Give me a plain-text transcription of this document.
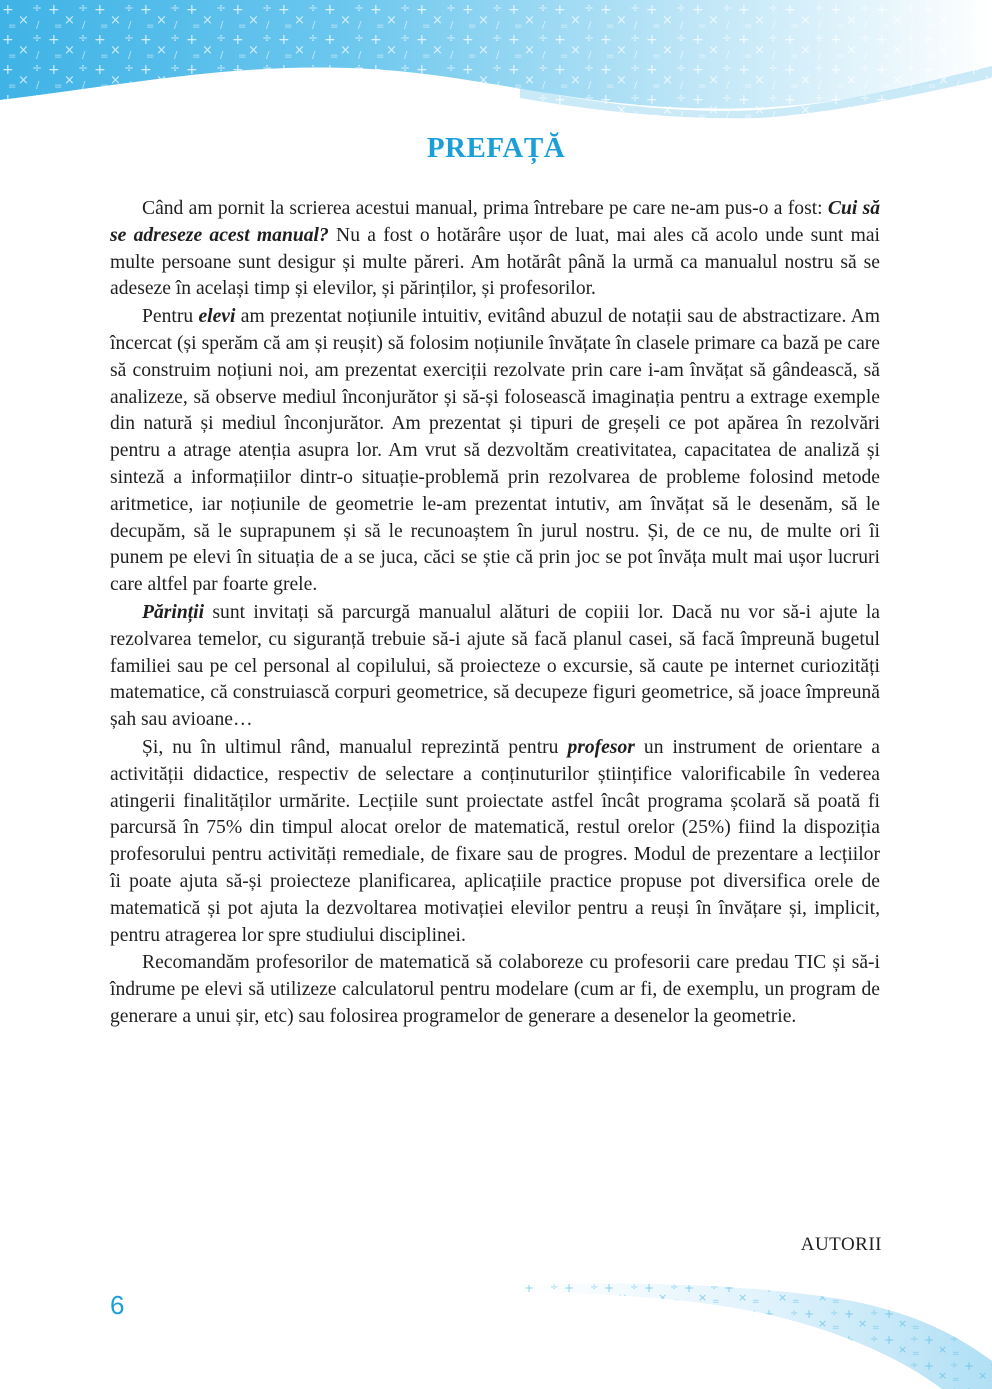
PREFAȚĂ

Când am pornit la scrierea acestui manual, prima întrebare pe care ne-am pus-o a fost: Cui să se adreseze acest manual? Nu a fost o hotărâre ușor de luat, mai ales că acolo unde sunt mai multe persoane sunt desigur și multe păreri. Am hotărât până la urmă ca manualul nostru să se adeseze în același timp și elevilor, și părinților, și profesorilor.

Pentru elevi am prezentat noțiunile intuitiv, evitând abuzul de notații sau de abstractizare. Am încercat (și sperăm că am și reușit) să folosim noțiunile învățate în clasele primare ca bază pe care să construim noțiuni noi, am prezentat exerciții rezolvate prin care i-am învățat să gândească, să analizeze, să observe mediul înconjurător și să-și folosească imaginația pentru a extrage exemple din natură și mediul înconjurător. Am prezentat și tipuri de greșeli ce pot apărea în rezolvări pentru a atrage atenția asupra lor. Am vrut să dezvoltăm creativitatea, capacitatea de analiză și sinteză a informațiilor dintr-o situație-problemă prin rezolvarea de probleme folosind metode aritmetice, iar noțiunile de geometrie le-am prezentat intutiv, am învățat să le desenăm, să le decupăm, să le suprapunem și să le recunoaștem în jurul nostru. Și, de ce nu, de multe ori îi punem pe elevi în situația de a se juca, căci se știe că prin joc se pot învăța mult mai ușor lucruri care altfel par foarte grele.

Părinții sunt invitați să parcurgă manualul alături de copiii lor. Dacă nu vor să-i ajute la rezolvarea temelor, cu siguranță trebuie să-i ajute să facă planul casei, să facă împreună bugetul familiei sau pe cel personal al copilului, să proiecteze o excursie, să caute pe internet curiozități matematice, că construiască corpuri geometrice, să decupeze figuri geometrice, să joace împreună șah sau avioane…

Și, nu în ultimul rând, manualul reprezintă pentru profesor un instrument de orientare a activității didactice, respectiv de selectare a conținuturilor științifice valorificabile în vederea atingerii finalităților urmărite. Lecțiile sunt proiectate astfel încât programa școlară să poată fi parcursă în 75% din timpul alocat orelor de matematică, restul orelor (25%) fiind la dispoziția profesorului pentru activități remediale, de fixare sau de progres. Modul de prezentare a lecțiilor îi poate ajuta să-și proiecteze planificarea, aplicațiile practice propuse pot diversifica orele de matematică și pot ajuta la dezvoltarea motivației elevilor pentru a reuși în învățare și, implicit, pentru atragerea lor spre studiului disciplinei.

Recomandăm profesorilor de matematică să colaboreze cu profesorii care predau TIC și să-i îndrume pe elevi să utilizeze calculatorul pentru modelare (cum ar fi, de exemplu, un program de generare a unui șir, etc) sau folosirea programelor de generare a desenelor la geometrie.

AUTORII
6
